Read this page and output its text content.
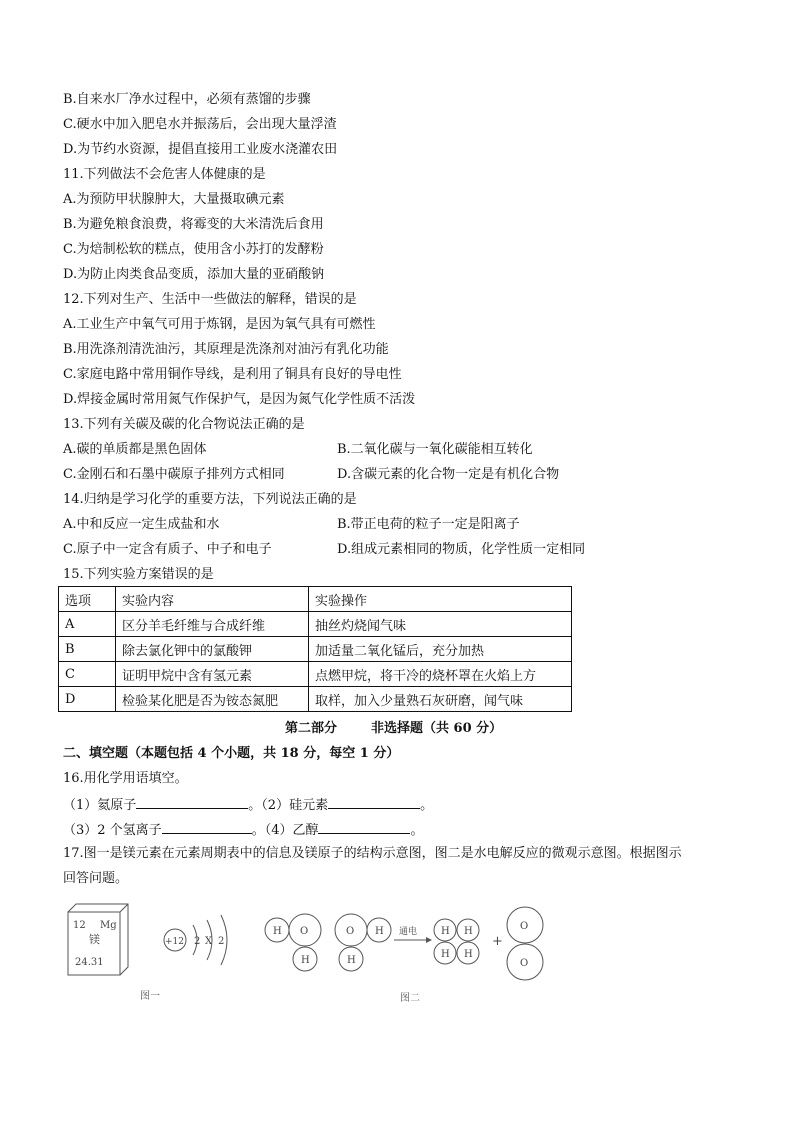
B.自来水厂净水过程中，必须有蒸馏的步骤
C.硬水中加入肥皂水并振荡后，会出现大量浮渣
D.为节约水资源，提倡直接用工业废水浇灌农田
11.下列做法不会危害人体健康的是
A.为预防甲状腺肿大，大量摄取碘元素
B.为避免粮食浪费，将霉变的大米清洗后食用
C.为焙制松软的糕点，使用含小苏打的发酵粉
D.为防止肉类食品变质，添加大量的亚硝酸钠
12.下列对生产、生活中一些做法的解释，错误的是
A.工业生产中氧气可用于炼钢，是因为氧气具有可燃性
B.用洗涤剂清洗油污，其原理是洗涤剂对油污有乳化功能
C.家庭电路中常用铜作导线，是利用了铜具有良好的导电性
D.焊接金属时常用氮气作保护气，是因为氮气化学性质不活泼
13.下列有关碳及碳的化合物说法正确的是
A.碳的单质都是黑色固体	B.二氧化碳与一氧化碳能相互转化
C.金刚石和石墨中碳原子排列方式相同	D.含碳元素的化合物一定是有机化合物
14.归纳是学习化学的重要方法，下列说法正确的是
A.中和反应一定生成盐和水	B.带正电荷的粒子一定是阳离子
C.原子中一定含有质子、中子和电子	D.组成元素相同的物质，化学性质一定相同
15.下列实验方案错误的是
选项	实验内容	实验操作
A	区分羊毛纤维与合成纤维	抽丝灼烧闻气味
B	除去氯化钾中的氯酸钾	加适量二氧化锰后，充分加热
C	证明甲烷中含有氢元素	点燃甲烷，将干冷的烧杯罩在火焰上方
D	检验某化肥是否为铵态氮肥	取样，加入少量熟石灰研磨，闻气味
第二部分	非选择题（共 60 分）
二、填空题（本题包括 4 个小题，共 18 分，每空 1 分）
16.用化学用语填空。
（1）氦原子	。（2）硅元素	。
（3）2 个氢离子	。（4）乙醇	。
17.图一是镁元素在元素周期表中的信息及镁原子的结构示意图，图二是水电解反应的微观示意图。根据图示
回答问题。
12 Mg
镁
24.31
+12 2 X 2
图一
H O
H
O H
H
通电 H H
H H
+
O
O
图二
